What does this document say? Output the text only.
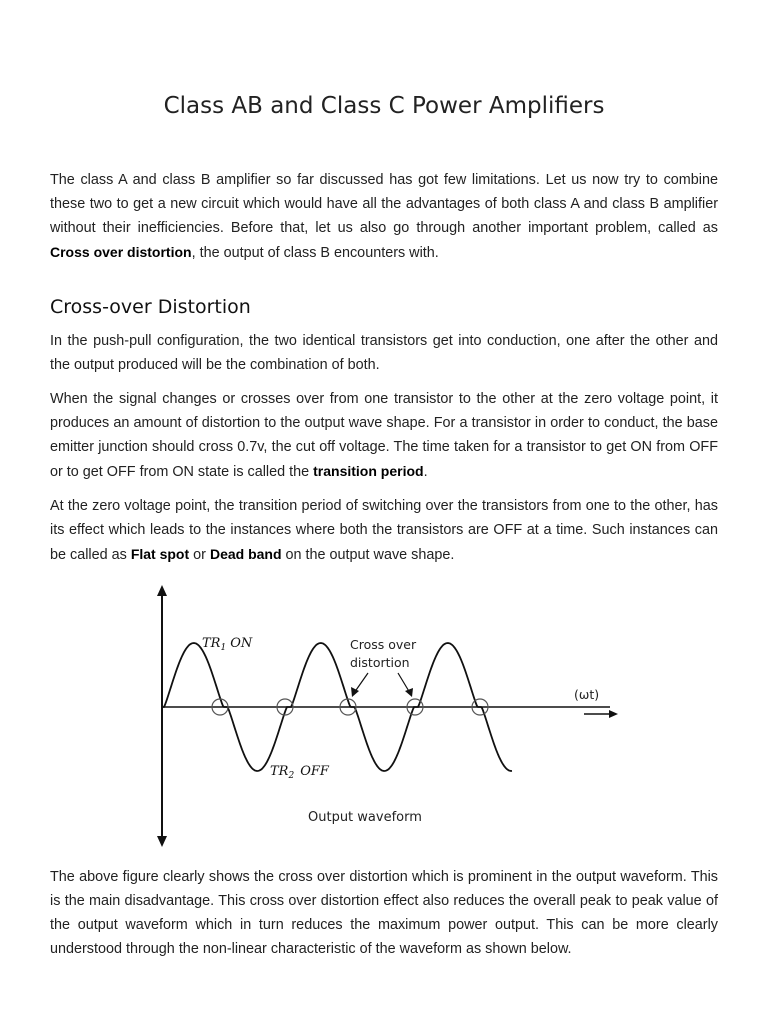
Class AB and Class C Power Amplifiers

The class A and class B amplifier so far discussed has got few limitations. Let us now try to combine these two to get a new circuit which would have all the advantages of both class A and class B amplifier without their inefficiencies. Before that, let us also go through another important problem, called as Cross over distortion, the output of class B encounters with.

Cross-over Distortion

In the push-pull configuration, the two identical transistors get into conduction, one after the other and the output produced will be the combination of both.

When the signal changes or crosses over from one transistor to the other at the zero voltage point, it produces an amount of distortion to the output wave shape. For a transistor in order to conduct, the base emitter junction should cross 0.7v, the cut off voltage. The time taken for a transistor to get ON from OFF or to get OFF from ON state is called the transition period.

At the zero voltage point, the transition period of switching over the transistors from one to the other, has its effect which leads to the instances where both the transistors are OFF at a time. Such instances can be called as Flat spot or Dead band on the output wave shape.

$TR_1$ ON
$TR_2$ OFF
Cross over
distortion
(ωt)
Output waveform

The above figure clearly shows the cross over distortion which is prominent in the output waveform. This is the main disadvantage. This cross over distortion effect also reduces the overall peak to peak value of the output waveform which in turn reduces the maximum power output. This can be more clearly understood through the non-linear characteristic of the waveform as shown below.
